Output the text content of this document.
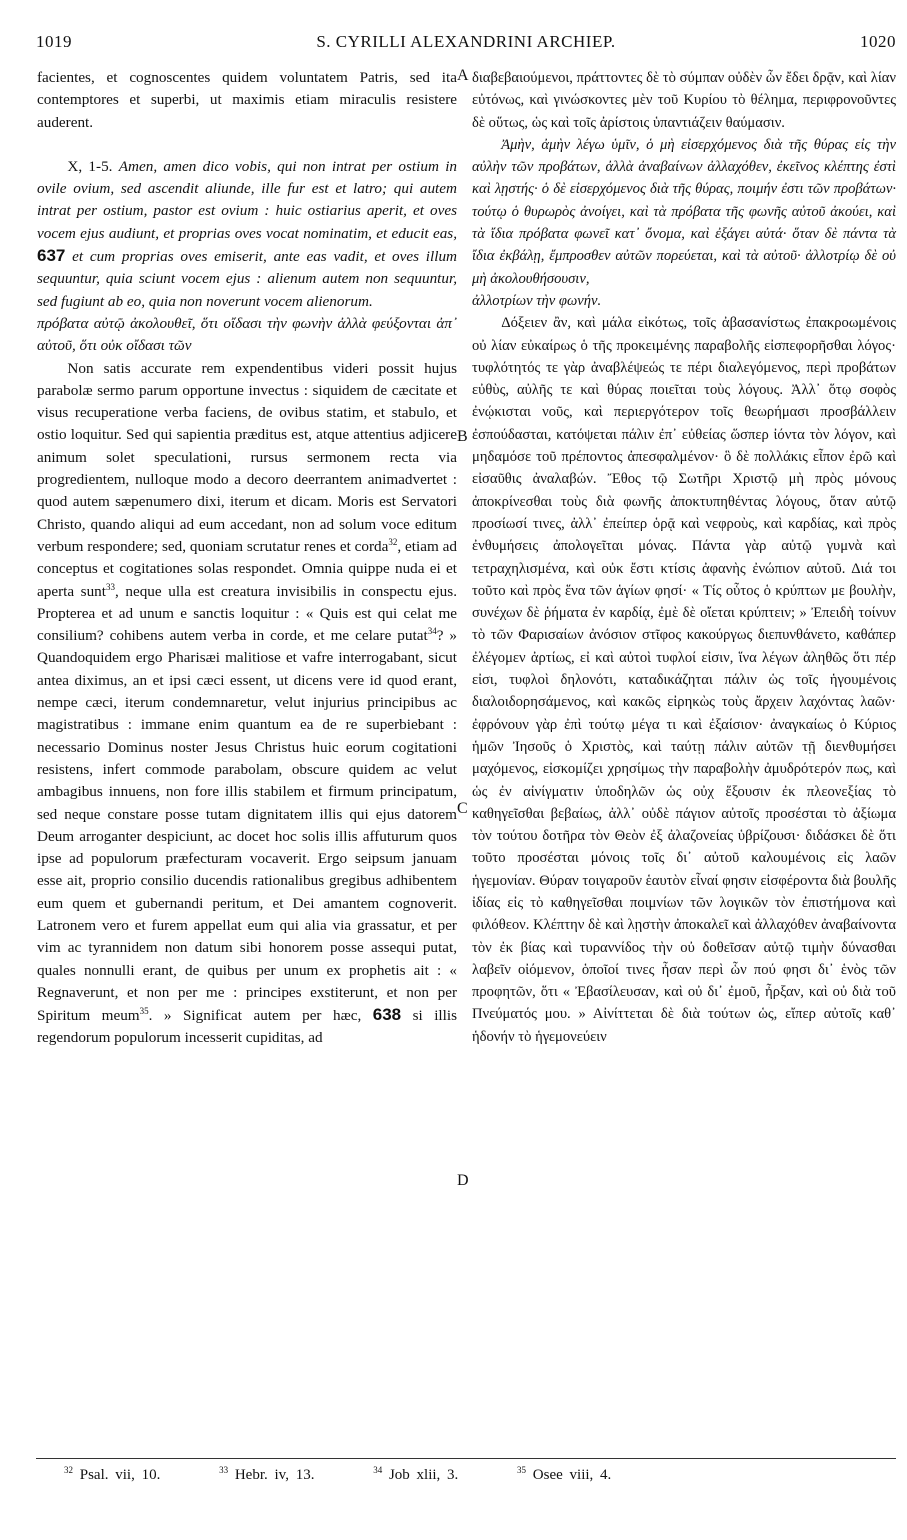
1019	S. CYRILLI ALEXANDRINI ARCHIEP.	1020

facientes, et cognoscentes quidem voluntatem Patris, sed ita contemptores et superbi, ut maximis etiam miraculis resistere auderent.

X, 1-5. Amen, amen dico vobis, qui non intrat per ostium in ovile ovium, sed ascendit aliunde, ille fur est et latro; qui autem intrat per ostium, pastor est ovium : huic ostiarius aperit, et oves vocem ejus audiunt, et proprias oves vocat nominatim, et educit eas, 637 et cum proprias oves emiserit, ante eas vadit, et oves illum sequuntur, quia sciunt vocem ejus : alienum autem non sequuntur, sed fugiunt ab eo, quia non noverunt vocem alienorum.

πρόβατα αὐτῷ ἀκολουθεῖ, ὅτι οἴδασι τὴν φωνὴν ἀλλὰ φεύξονται ἀπ᾽ αὐτοῦ, ὅτι οὐκ οἴδασι τῶν

Non satis accurate rem expendentibus videri possit hujus parabolæ sermo parum opportune invectus : siquidem de cæcitate et visus recuperatione verba faciens, de ovibus statim, et stabulo, et ostio loquitur. Sed qui sapientia præditus est, atque attentius adjicere animum solet speculationi, rursus sermonem recta via progredientem, nulloque modo a decoro deerrantem animadvertet : quod autem sæpenumero dixi, iterum et dicam. Moris est Servatori Christo, quando aliqui ad eum accedant, non ad solum voce editum verbum respondere; sed, quoniam scrutatur renes et corda$^{32}$, etiam ad conceptus et cogitationes solas respondet. Omnia quippe nuda ei et aperta sunt$^{33}$, neque ulla est creatura invisibilis in conspectu ejus. Propterea et ad unum e sanctis loquitur : « Quis est qui celat me consilium? cohibens autem verba in corde, et me celare putat$^{34}$? » Quandoquidem ergo Pharisæi malitiose et vafre interrogabant, sicut antea diximus, an et ipsi cæci essent, ut dicens vere id quod erant, nempe cæci, iterum condemnaretur, velut injurius principibus ac magistratibus : immane enim quantum ea de re superbiebant : necessario Dominus noster Jesus Christus huic eorum cogitationi resistens, infert commode parabolam, obscure quidem ac velut ambagibus innuens, non fore illis stabilem et firmum principatum, sed neque constare posse tutam dignitatem illis qui ejus datorem Deum arroganter despiciunt, ac docet hoc solis illis affuturum quos ipse ad populorum præfecturam vocaverit. Ergo seipsum januam esse ait, proprio consilio ducendis rationalibus gregibus adhibentem eum quem et gubernandi peritum, et Dei amantem cognoverit. Latronem vero et furem appellat eum qui alia via grassatur, et per vim ac tyrannidem non datum sibi honorem posse assequi putat, quales nonnulli erant, de quibus per unum ex prophetis ait : « Regnaverunt, et non per me : principes exstiterunt, et non per Spiritum meum$^{35}$. » Significat autem per hæc, 638 si illis regendorum populorum incesserit cupiditas, ad

A
B
C
D

διαβεβαιούμενοι, πράττοντες δὲ τὸ σύμπαν οὐδὲν ὧν ἔδει δρᾷν, καὶ λίαν εὐτόνως, καὶ γινώσκοντες μὲν τοῦ Κυρίου τὸ θέλημα, περιφρονοῦντες δὲ οὕτως, ὡς καὶ τοῖς ἀρίστοις ὑπαντιάζειν θαύμασιν.

Ἀμὴν, ἀμὴν λέγω ὑμῖν, ὁ μὴ εἰσερχόμενος διὰ τῆς θύρας εἰς τὴν αὐλὴν τῶν προβάτων, ἀλλὰ ἀναβαίνων ἀλλαχόθεν, ἐκεῖνος κλέπτης ἐστὶ καὶ λῃστής· ὁ δὲ εἰσερχόμενος διὰ τῆς θύρας, ποιμήν ἐστι τῶν προβάτων· τούτῳ ὁ θυρωρὸς ἀνοίγει, καὶ τὰ πρόβατα τῆς φωνῆς αὐτοῦ ἀκούει, καὶ τὰ ἴδια πρόβατα φωνεῖ κατ᾽ ὄνομα, καὶ ἐξάγει αὐτά· ὅταν δὲ πάντα τὰ ἴδια ἐκβάλῃ, ἔμπροσθεν αὐτῶν πορεύεται, καὶ τὰ αὐτοῦ· ἀλλοτρίῳ δὲ οὐ μὴ ἀκολουθήσουσιν,

ἀλλοτρίων τὴν φωνήν.

Δόξειεν ἂν, καὶ μάλα εἰκότως, τοῖς ἀβασανίστως ἐπακροωμένοις οὐ λίαν εὐκαίρως ὁ τῆς προκειμένης παραβολῆς εἰσπεφορῆσθαι λόγος· τυφλότητός τε γὰρ ἀναβλέψεώς τε πέρι διαλεγόμενος, περὶ προβάτων εὐθὺς, αὐλῆς τε καὶ θύρας ποιεῖται τοὺς λόγους. Ἀλλ᾽ ὅτῳ σοφὸς ἐνῴκισται νοῦς, καὶ περιεργότερον τοῖς θεωρήμασι προσβάλλειν ἐσπούδασται, κατόψεται πάλιν ἐπ᾽ εὐθείας ὥσπερ ἰόντα τὸν λόγον, καὶ μηδαμόσε τοῦ πρέποντος ἀπεσφαλμένον· ὃ δὲ πολλάκις εἶπον ἐρῶ καὶ εἰσαῦθις ἀναλαβών. Ἔθος τῷ Σωτῆρι Χριστῷ μὴ πρὸς μόνους ἀποκρίνεσθαι τοὺς διὰ φωνῆς ἀποκτυπηθέντας λόγους, ὅταν αὐτῷ προσίωσί τινες, ἀλλ᾽ ἐπείπερ ὁρᾷ καὶ νεφροὺς, καὶ καρδίας, καὶ πρὸς ἐνθυμήσεις ἀπολογεῖται μόνας. Πάντα γὰρ αὐτῷ γυμνὰ καὶ τετραχηλισμένα, καὶ οὐκ ἔστι κτίσις ἀφανὴς ἐνώπιον αὐτοῦ. Διά τοι τοῦτο καὶ πρὸς ἕνα τῶν ἁγίων φησί· « Τίς οὗτος ὁ κρύπτων με βουλὴν, συνέχων δὲ ῥήματα ἐν καρδίᾳ, ἐμὲ δὲ οἴεται κρύπτειν; » Ἐπειδὴ τοίνυν τὸ τῶν Φαρισαίων ἀνόσιον στῖφος κακούργως διεπυνθάνετο, καθάπερ ἐλέγομεν ἀρτίως, εἰ καὶ αὐτοὶ τυφλοί εἰσιν, ἵνα λέγων ἀληθῶς ὅτι πέρ εἰσι, τυφλοὶ δηλονότι, καταδικάζηται πάλιν ὡς τοῖς ἡγουμένοις διαλοιδορησάμενος, καὶ κακῶς εἰρηκὼς τοὺς ἄρχειν λαχόντας λαῶν· ἐφρόνουν γὰρ ἐπὶ τούτῳ μέγα τι καὶ ἐξαίσιον· ἀναγκαίως ὁ Κύριος ἡμῶν Ἰησοῦς ὁ Χριστὸς, καὶ ταύτῃ πάλιν αὐτῶν τῇ διενθυμήσει μαχόμενος, εἰσκομίζει χρησίμως τὴν παραβολὴν ἀμυδρότερόν πως, καὶ ὡς ἐν αἰνίγματιν ὑποδηλῶν ὡς οὐχ ἕξουσιν ἐκ πλεονεξίας τὸ καθηγεῖσθαι βεβαίως, ἀλλ᾽ οὐδὲ πάγιον αὐτοῖς προσέσται τὸ ἀξίωμα τὸν τούτου δοτῆρα τὸν Θεὸν ἐξ ἀλαζονείας ὑβρίζουσι· διδάσκει δὲ ὅτι τοῦτο προσέσται μόνοις τοῖς δι᾽ αὐτοῦ καλουμένοις εἰς λαῶν ἡγεμονίαν. Θύραν τοιγαροῦν ἑαυτὸν εἶναί φησιν εἰσφέροντα διὰ βουλῆς ἰδίας εἰς τὸ καθηγεῖσθαι ποιμνίων τῶν λογικῶν τὸν ἐπιστήμονα καὶ φιλόθεον. Κλέπτην δὲ καὶ λῃστὴν ἀποκαλεῖ καὶ ἀλλαχόθεν ἀναβαίνοντα τὸν ἐκ βίας καὶ τυραννίδος τὴν οὐ δοθεῖσαν αὐτῷ τιμὴν δύνασθαι λαβεῖν οἰόμενον, ὁποῖοί τινες ἦσαν περὶ ὧν πού φησι δι᾽ ἑνὸς τῶν προφητῶν, ὅτι « Ἐβασίλευσαν, καὶ οὐ δι᾽ ἐμοῦ, ἦρξαν, καὶ οὐ διὰ τοῦ Πνεύματός μου. » Αἰνίττεται δὲ διὰ τούτων ὡς, εἴπερ αὐτοῖς καθ᾽ ἡδονήν τὸ ἡγεμονεύειν

$^{32}$ Psal. vii, 10.	$^{33}$ Hebr. iv, 13.	$^{34}$ Job xlii, 3.	$^{35}$ Osee viii, 4.
